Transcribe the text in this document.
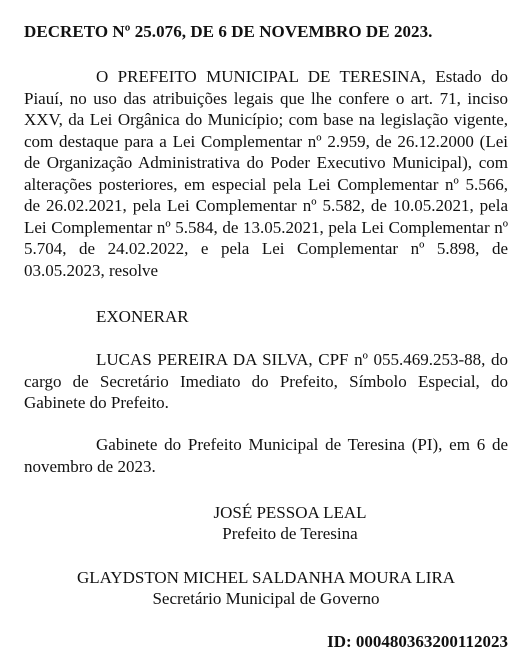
DECRETO Nº 25.076, DE 6 DE NOVEMBRO DE 2023.

O PREFEITO MUNICIPAL DE TERESINA, Estado do Piauí, no uso das atribuições legais que lhe confere o art. 71, inciso XXV, da Lei Orgânica do Município; com base na legislação vigente, com destaque para a Lei Complementar nº 2.959, de 26.12.2000 (Lei de Organização Administrativa do Poder Executivo Municipal), com alterações posteriores, em especial pela Lei Complementar nº 5.566, de 26.02.2021, pela Lei Complementar nº 5.582, de 10.05.2021, pela Lei Complementar nº 5.584, de 13.05.2021, pela Lei Complementar nº 5.704, de 24.02.2022, e pela Lei Complementar nº 5.898, de 03.05.2023, resolve

EXONERAR

LUCAS PEREIRA DA SILVA, CPF nº 055.469.253-88, do cargo de Secretário Imediato do Prefeito, Símbolo Especial, do Gabinete do Prefeito.

Gabinete do Prefeito Municipal de Teresina (PI), em 6 de novembro de 2023.

JOSÉ PESSOA LEAL
Prefeito de Teresina
GLAYDSTON MICHEL SALDANHA MOURA LIRA
Secretário Municipal de Governo
ID: 000480363200112023
